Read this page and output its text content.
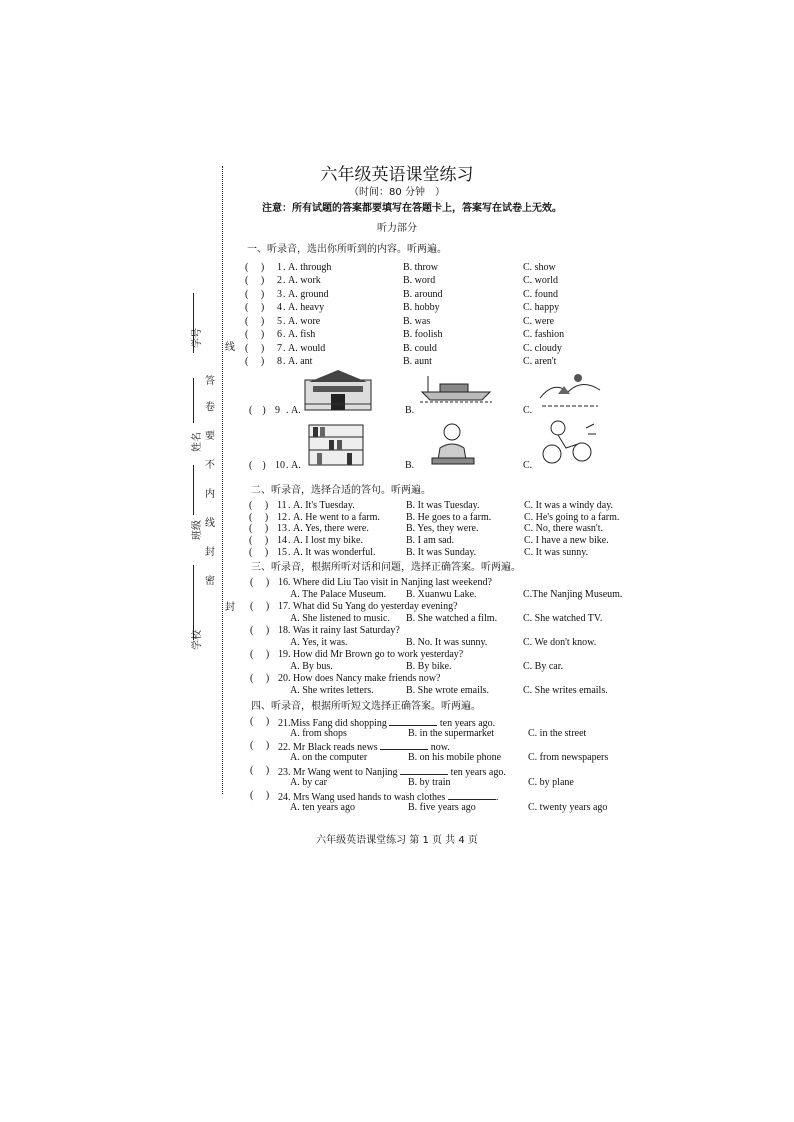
六年级英语课堂练习
（时间：80 分钟　）
注意：所有试题的答案都要填写在答题卡上，答案写在试卷上无效。
听力部分
学号
姓名
班级
学校
答
卷
要
不
内
线
封
密
线
封
一、听录音，选出你所听到的内容。听两遍。
(     ) 1 . A. through	B. throw	C. show
(     ) 2 . A. work	B. word	C. world
(     ) 3 . A. ground	B. around	C. found
(     ) 4 . A. heavy	B. hobby	C. happy
(     ) 5 . A. wore	B. was	C. were
(     ) 6 . A. fish	B. foolish	C. fashion
(     ) 7 . A. would	B. could	C. cloudy
(     ) 8 . A. ant	B. aunt	C. aren't
(    ) 9 . A.	B.	C.
(    ) 10 . A.	B.	C.
二、听录音，选择合适的答句。听两遍。
(     ) 11 . A. It's Tuesday.	B. It was Tuesday.	C. It was a windy day.
(     ) 12 . A. He went to a farm.	B. He goes to a farm.	C. He's going to a farm.
(     ) 13 . A. Yes, there were.	B. Yes, they were.	C. No, there wasn't.
(     ) 14 . A. I lost my bike.	B. I am sad.	C. I have a new bike.
(     ) 15 . A. It was wonderful.	B. It was Sunday.	C. It was sunny.
三、听录音，根据所听对话和问题，选择正确答案。听两遍。
(     ) 16. Where did Liu Tao visit in Nanjing last weekend?
A. The Palace Museum. B. Xuanwu Lake.	C.The Nanjing Museum.
(     ) 17. What did Su Yang do yesterday evening?
A. She listened to music. B. She watched a film.	C. She watched TV.
(     ) 18. Was it rainy last Saturday?
A. Yes, it was.	B. No. It was sunny.	C. We don't know.
(     ) 19. How did Mr Brown go to work yesterday?
A. By bus.	B. By bike.	C. By car.
(     ) 20. How does Nancy make friends now?
A. She writes letters.	B. She wrote emails.	C. She writes emails.
四、听录音，根据所听短文选择正确答案。听两遍。
(     ) 21.Miss Fang did shopping	ten years ago.
A. from shops	B. in the supermarket	C. in the street
(     ) 22. Mr Black reads news	now.
A. on the computer	B. on his mobile phone	C. from newspapers
(     ) 23. Mr Wang went to Nanjing	ten years ago.
A. by car	B. by train	C. by plane
(     ) 24. Mrs Wang used hands to wash clothes	.
A. ten years ago	B. five years ago	C. twenty years ago
六年级英语课堂练习 第 1 页 共 4 页
